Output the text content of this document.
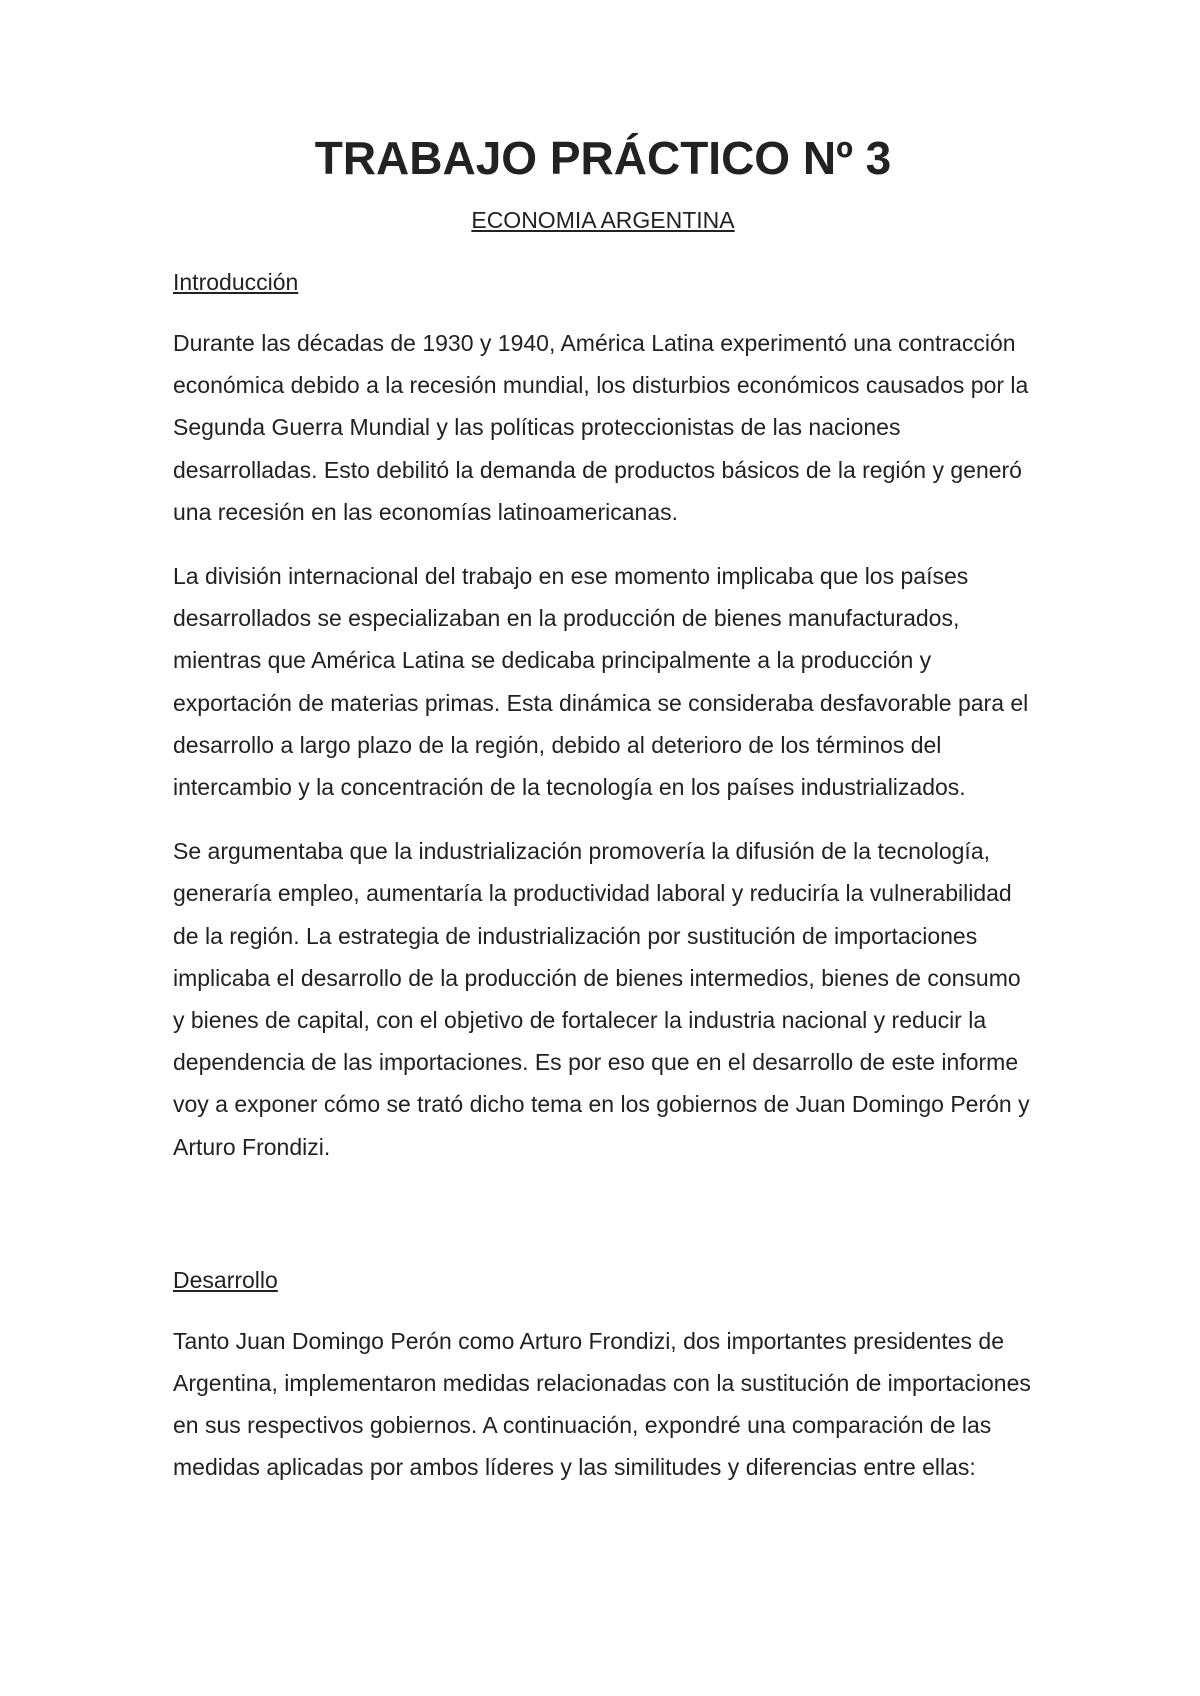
TRABAJO PRÁCTICO Nº 3
ECONOMIA ARGENTINA
Introducción

Durante las décadas de 1930 y 1940, América Latina experimentó una contracción económica debido a la recesión mundial, los disturbios económicos causados por la Segunda Guerra Mundial y las políticas proteccionistas de las naciones desarrolladas. Esto debilitó la demanda de productos básicos de la región y generó una recesión en las economías latinoamericanas.

La división internacional del trabajo en ese momento implicaba que los países desarrollados se especializaban en la producción de bienes manufacturados, mientras que América Latina se dedicaba principalmente a la producción y exportación de materias primas. Esta dinámica se consideraba desfavorable para el desarrollo a largo plazo de la región, debido al deterioro de los términos del intercambio y la concentración de la tecnología en los países industrializados.

Se argumentaba que la industrialización promovería la difusión de la tecnología, generaría empleo, aumentaría la productividad laboral y reduciría la vulnerabilidad de la región. La estrategia de industrialización por sustitución de importaciones implicaba el desarrollo de la producción de bienes intermedios, bienes de consumo y bienes de capital, con el objetivo de fortalecer la industria nacional y reducir la dependencia de las importaciones. Es por eso que en el desarrollo de este informe voy a exponer cómo se trató dicho tema en los gobiernos de Juan Domingo Perón y Arturo Frondizi.

Desarrollo

Tanto Juan Domingo Perón como Arturo Frondizi, dos importantes presidentes de Argentina, implementaron medidas relacionadas con la sustitución de importaciones en sus respectivos gobiernos. A continuación, expondré una comparación de las medidas aplicadas por ambos líderes y las similitudes y diferencias entre ellas:
